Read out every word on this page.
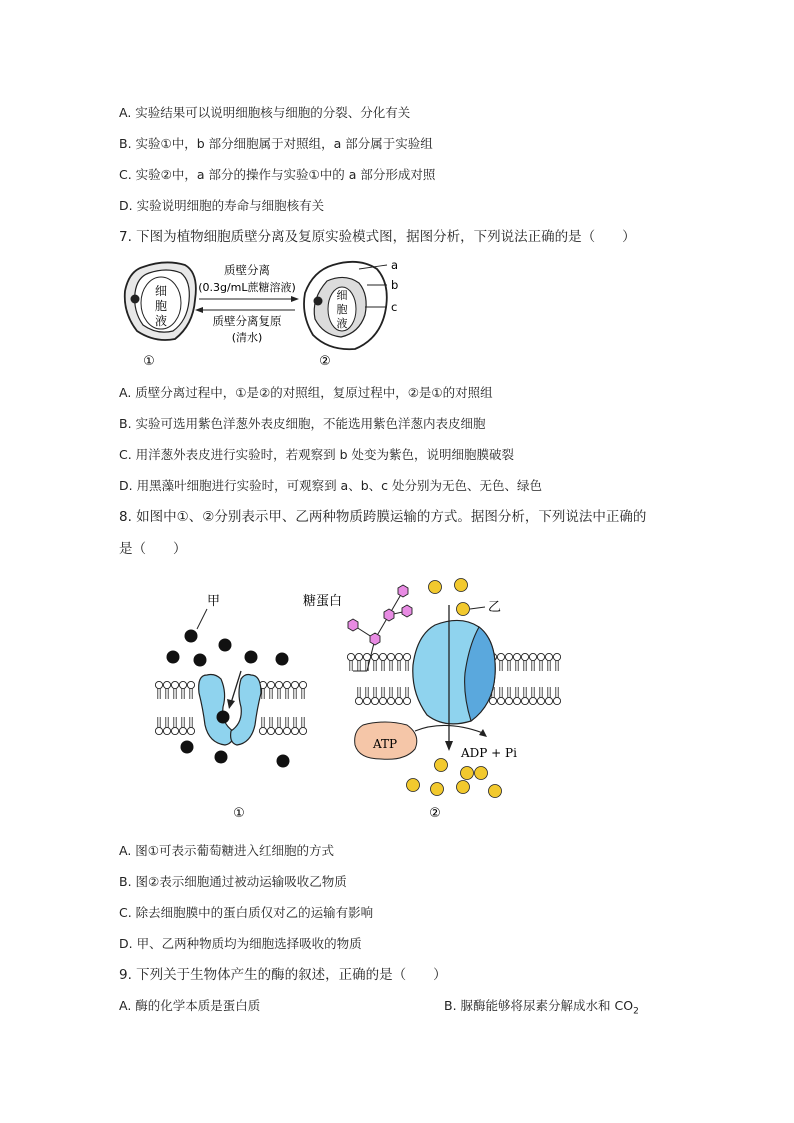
A. 实验结果可以说明细胞核与细胞的分裂、分化有关
B. 实验①中，b 部分细胞属于对照组，a 部分属于实验组
C. 实验②中，a 部分的操作与实验①中的 a 部分形成对照
D. 实验说明细胞的寿命与细胞核有关
7. 下图为植物细胞质壁分离及复原实验模式图，据图分析，下列说法正确的是（　　）
细
胞
液
①
质壁分离
(0.3g/mL蔗糖溶液)
质壁分离复原
(清水)
细
胞
液
②
a
b
c
A. 质壁分离过程中，①是②的对照组，复原过程中，②是①的对照组
B. 实验可选用紫色洋葱外表皮细胞，不能选用紫色洋葱内表皮细胞
C. 用洋葱外表皮进行实验时，若观察到 b 处变为紫色，说明细胞膜破裂
D. 用黑藻叶细胞进行实验时，可观察到 a、b、c 处分别为无色、无色、绿色
8. 如图中①、②分别表示甲、乙两种物质跨膜运输的方式。据图分析，下列说法中正确的
是（　　）
甲
①
糖蛋白	乙
ATP
ADP + Pi
②
A. 图①可表示葡萄糖进入红细胞的方式
B. 图②表示细胞通过被动运输吸收乙物质
C. 除去细胞膜中的蛋白质仅对乙的运输有影响
D. 甲、乙两种物质均为细胞选择吸收的物质
9. 下列关于生物体产生的酶的叙述，正确的是（　　）
A. 酶的化学本质是蛋白质	B. 脲酶能够将尿素分解成水和 $CO_2$
